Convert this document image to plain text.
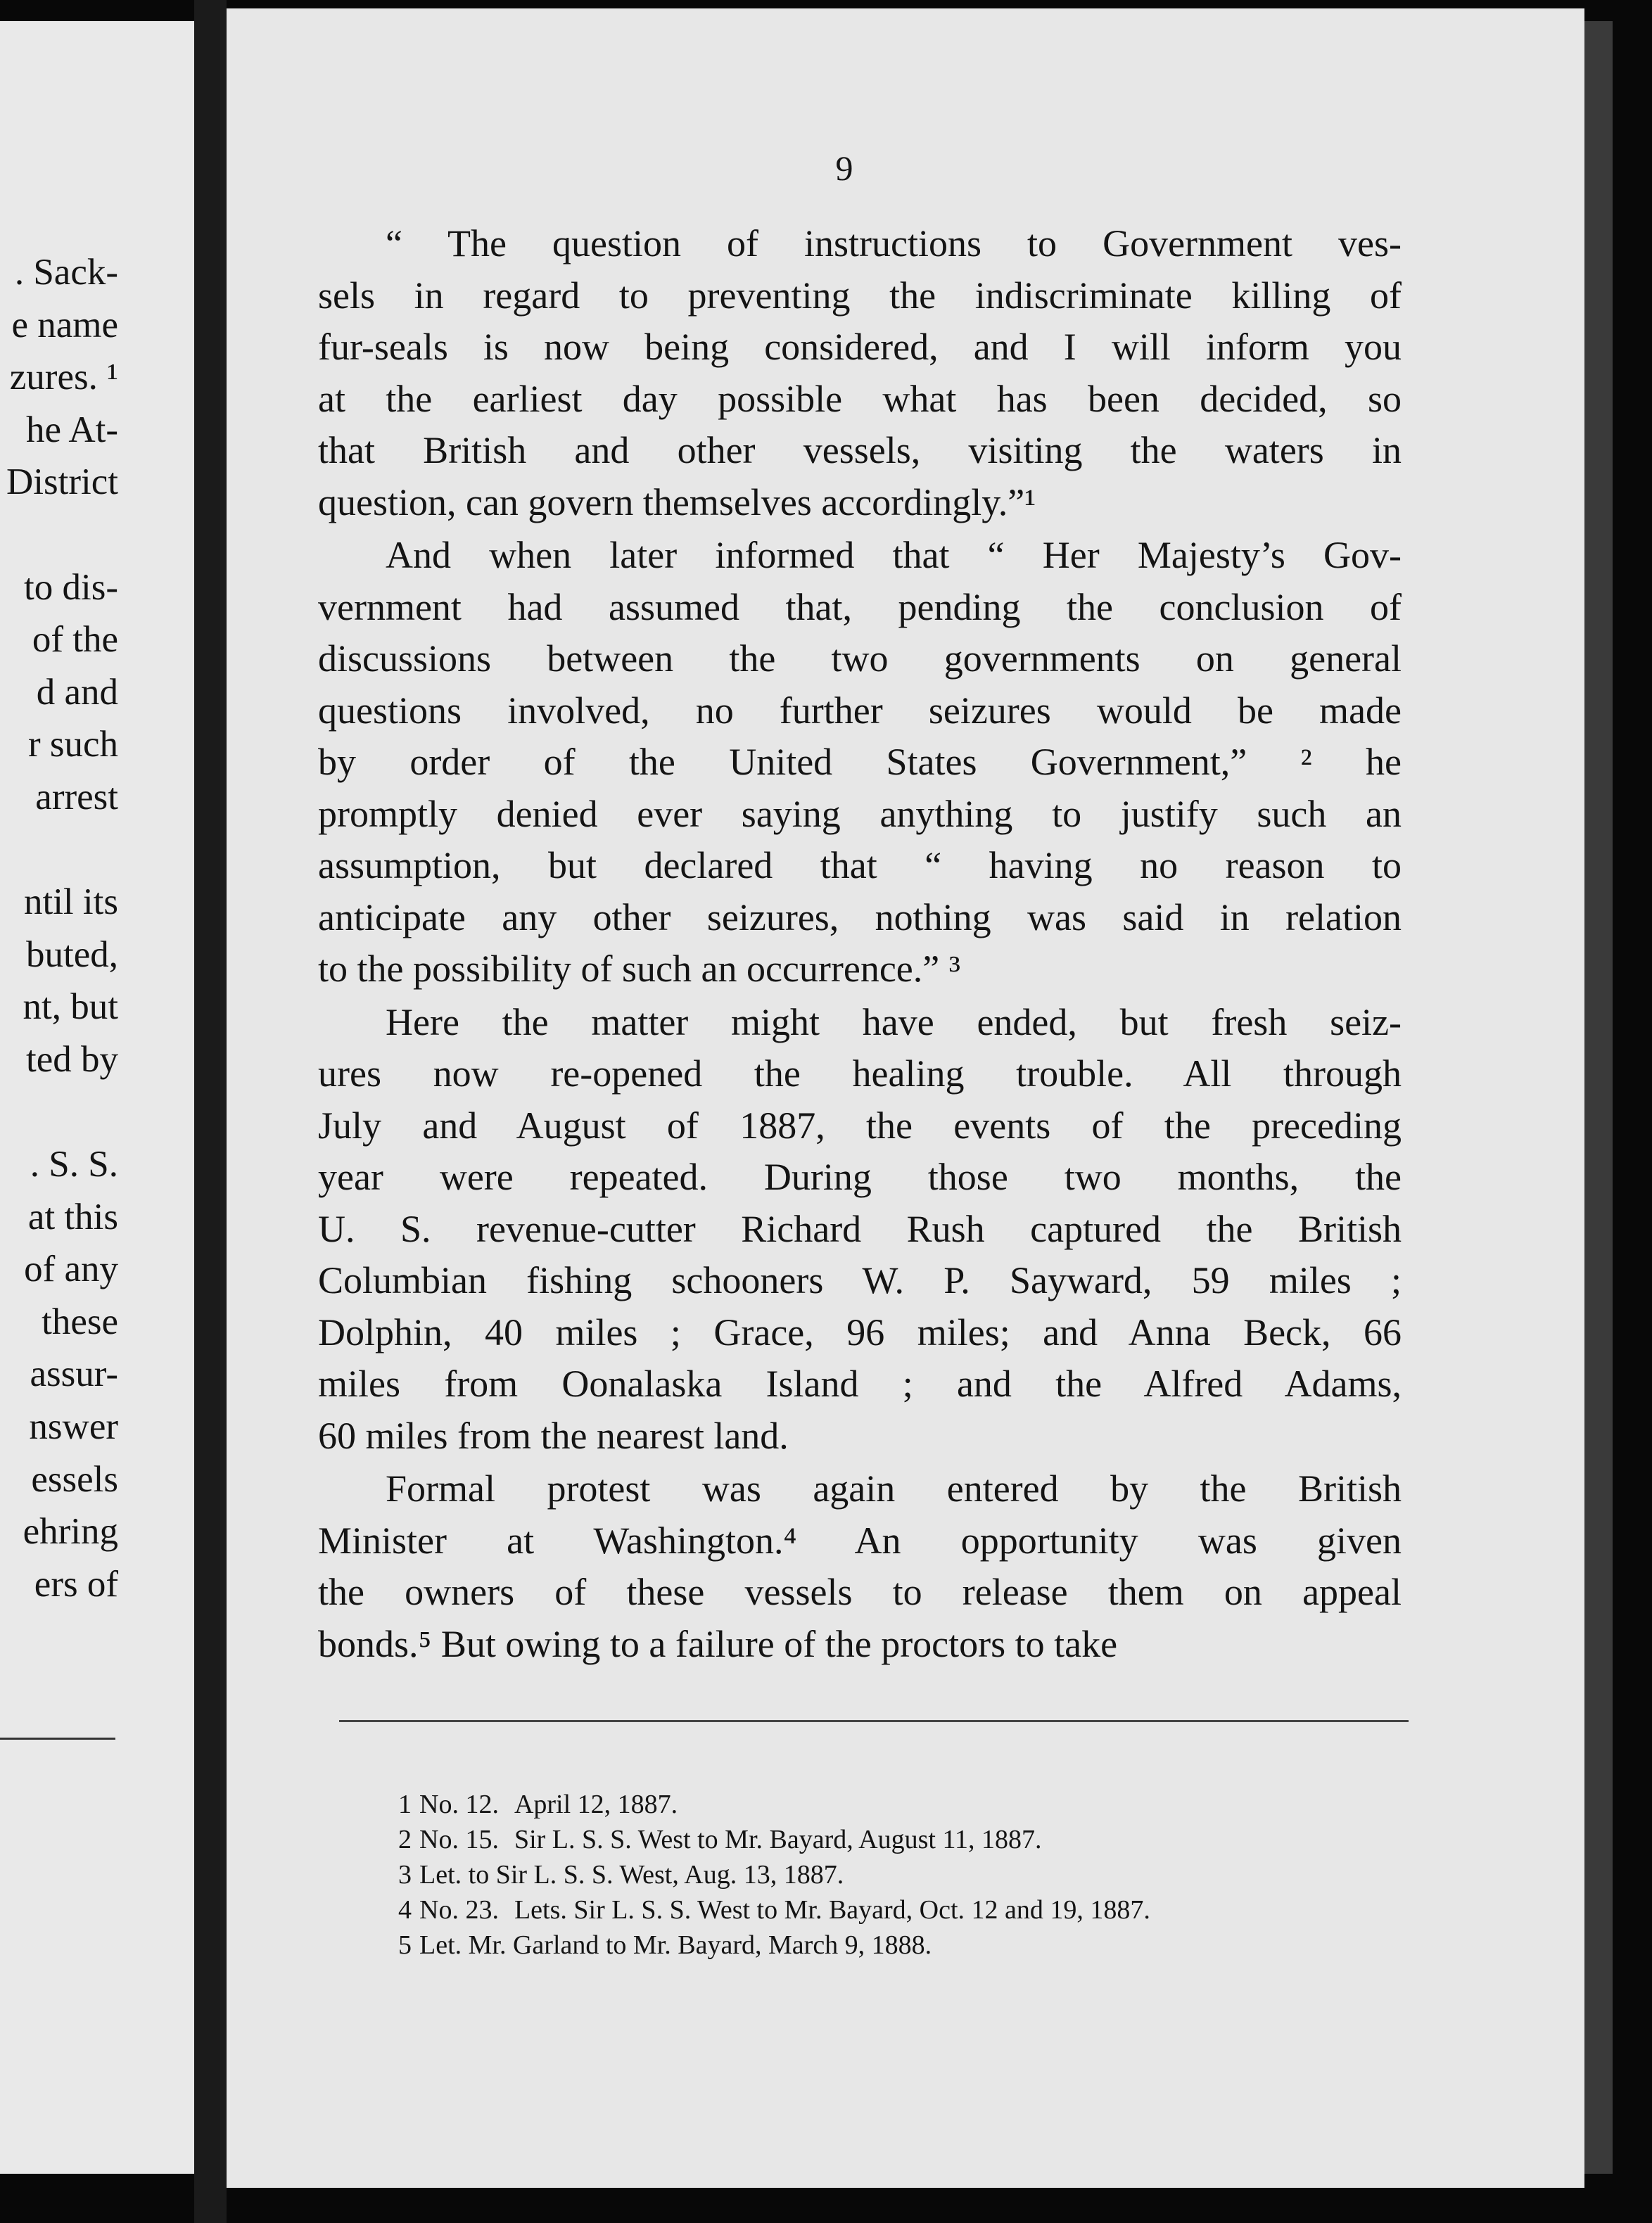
. Sack-
e name
zures. ¹
he At-
District
to dis-
of the
d and
r such
arrest
ntil its
buted,
nt, but
ted by
. S. S.
at this
of any
these
assur-
nswer
essels
ehring
ers of
9

“ The question of instructions to Government ves-
sels in regard to preventing the indiscriminate killing of
fur-seals is now being considered, and I will inform you
at the earliest day possible what has been decided, so
that British and other vessels, visiting the waters in
question, can govern themselves accordingly.”¹

And when later informed that “ Her Majesty’s Gov-
vernment had assumed that, pending the conclusion of
discussions between the two governments on general
questions involved, no further seizures would be made
by order of the United States Government,” ² he
promptly denied ever saying anything to justify such an
assumption, but declared that “ having no reason to
anticipate any other seizures, nothing was said in relation
to the possibility of such an occurrence.” ³

Here the matter might have ended, but fresh seiz-
ures now re-opened the healing trouble. All through
July and August of 1887, the events of the preceding
year were repeated. During those two months, the
U. S. revenue-cutter Richard Rush captured the British
Columbian fishing schooners W. P. Sayward, 59 miles ;
Dolphin, 40 miles ; Grace, 96 miles; and Anna Beck, 66
miles from Oonalaska Island ; and the Alfred Adams,
60 miles from the nearest land.

Formal protest was again entered by the British
Minister at Washington.⁴ An opportunity was given
the owners of these vessels to release them on appeal
bonds.⁵ But owing to a failure of the proctors to take

1 No. 12. April 12, 1887.
2 No. 15. Sir L. S. S. West to Mr. Bayard, August 11, 1887.
3 Let. to Sir L. S. S. West, Aug. 13, 1887.
4 No. 23. Lets. Sir L. S. S. West to Mr. Bayard, Oct. 12 and 19, 1887.
5 Let. Mr. Garland to Mr. Bayard, March 9, 1888.
